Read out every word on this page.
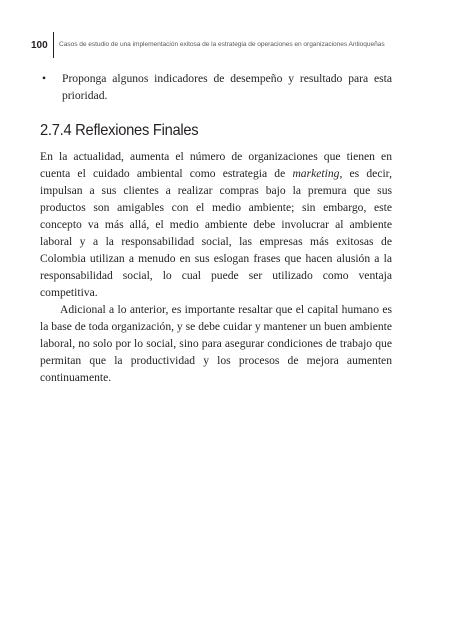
100 Casos de estudio de una implementación exitosa de la estrategia de operaciones en organizaciones Antioqueñas

• Proponga algunos indicadores de desempeño y resultado para esta prioridad.

2.7.4 Reflexiones Finales

En la actualidad, aumenta el número de organizaciones que tienen en cuenta el cuidado ambiental como estrategia de marketing, es decir, impulsan a sus clientes a realizar compras bajo la premura que sus productos son amigables con el medio ambiente; sin embargo, este concepto va más allá, el medio ambiente debe involucrar al ambiente laboral y a la responsabilidad social, las empresas más exitosas de Colombia utilizan a menudo en sus eslogan frases que hacen alusión a la responsabilidad social, lo cual puede ser utilizado como ventaja competitiva.

Adicional a lo anterior, es importante resaltar que el capital humano es la base de toda organización, y se debe cuidar y mantener un buen ambiente laboral, no solo por lo social, sino para asegurar condiciones de trabajo que permitan que la productividad y los procesos de mejora aumenten continuamente.
